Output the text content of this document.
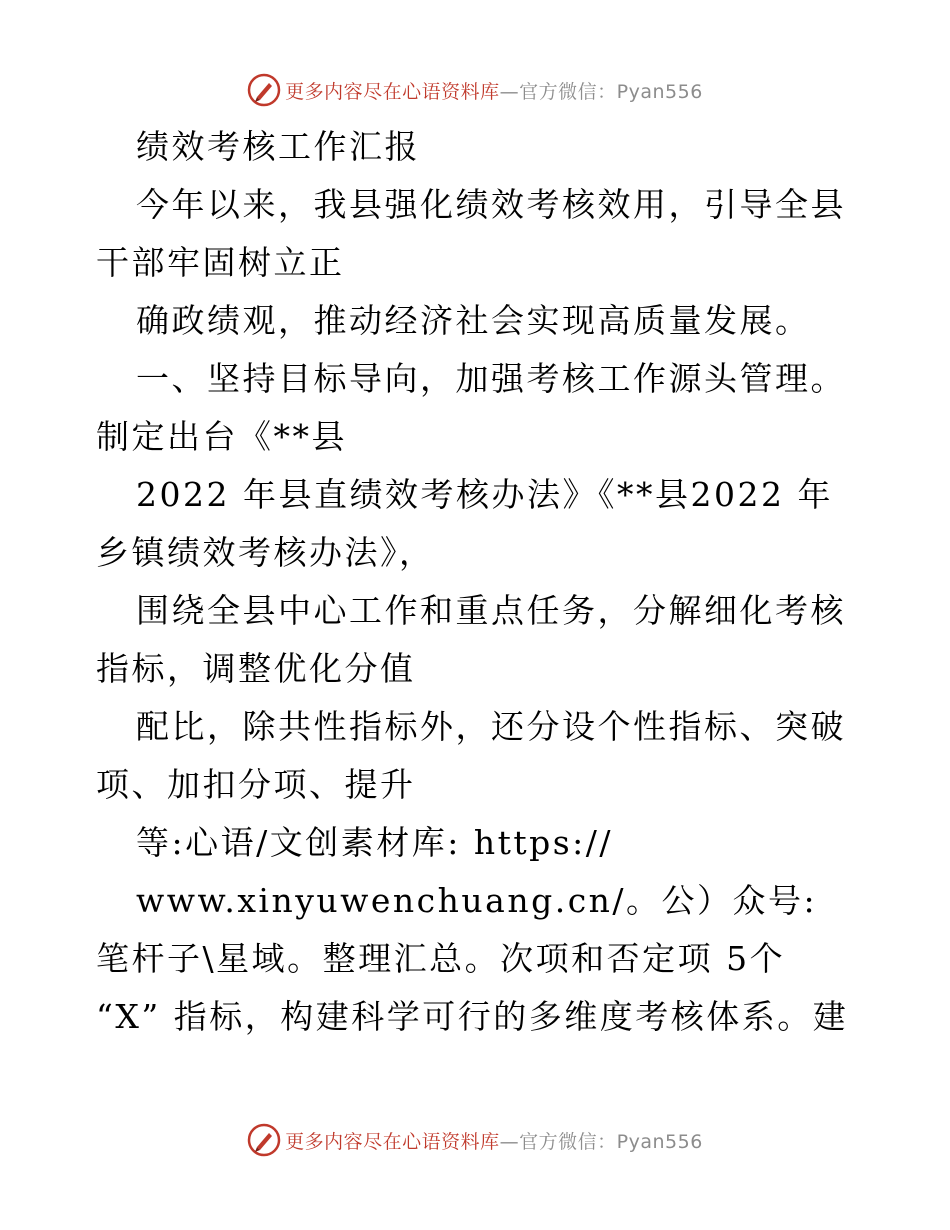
更多内容尽在心语资料库—官方微信：Pyan556

绩效考核工作汇报

今年以来，我县强化绩效考核效用，引导全县干部牢固树立正

确政绩观，推动经济社会实现高质量发展。

一、坚持目标导向，加强考核工作源头管理。制定出台《**县

2022 年县直绩效考核办法》《**县2022 年乡镇绩效考核办法》，

围绕全县中心工作和重点任务，分解细化考核指标，调整优化分值

配比，除共性指标外，还分设个性指标、突破项、加扣分项、提升

等:心语/文创素材库: https://

www.xinyuwenchuang.cn/。公）众号: 笔杆子\星域。整理汇总。次项和否定项 5个 “X” 指标，构建科学可行的多维度考核体系。建

更多内容尽在心语资料库—官方微信：Pyan556
